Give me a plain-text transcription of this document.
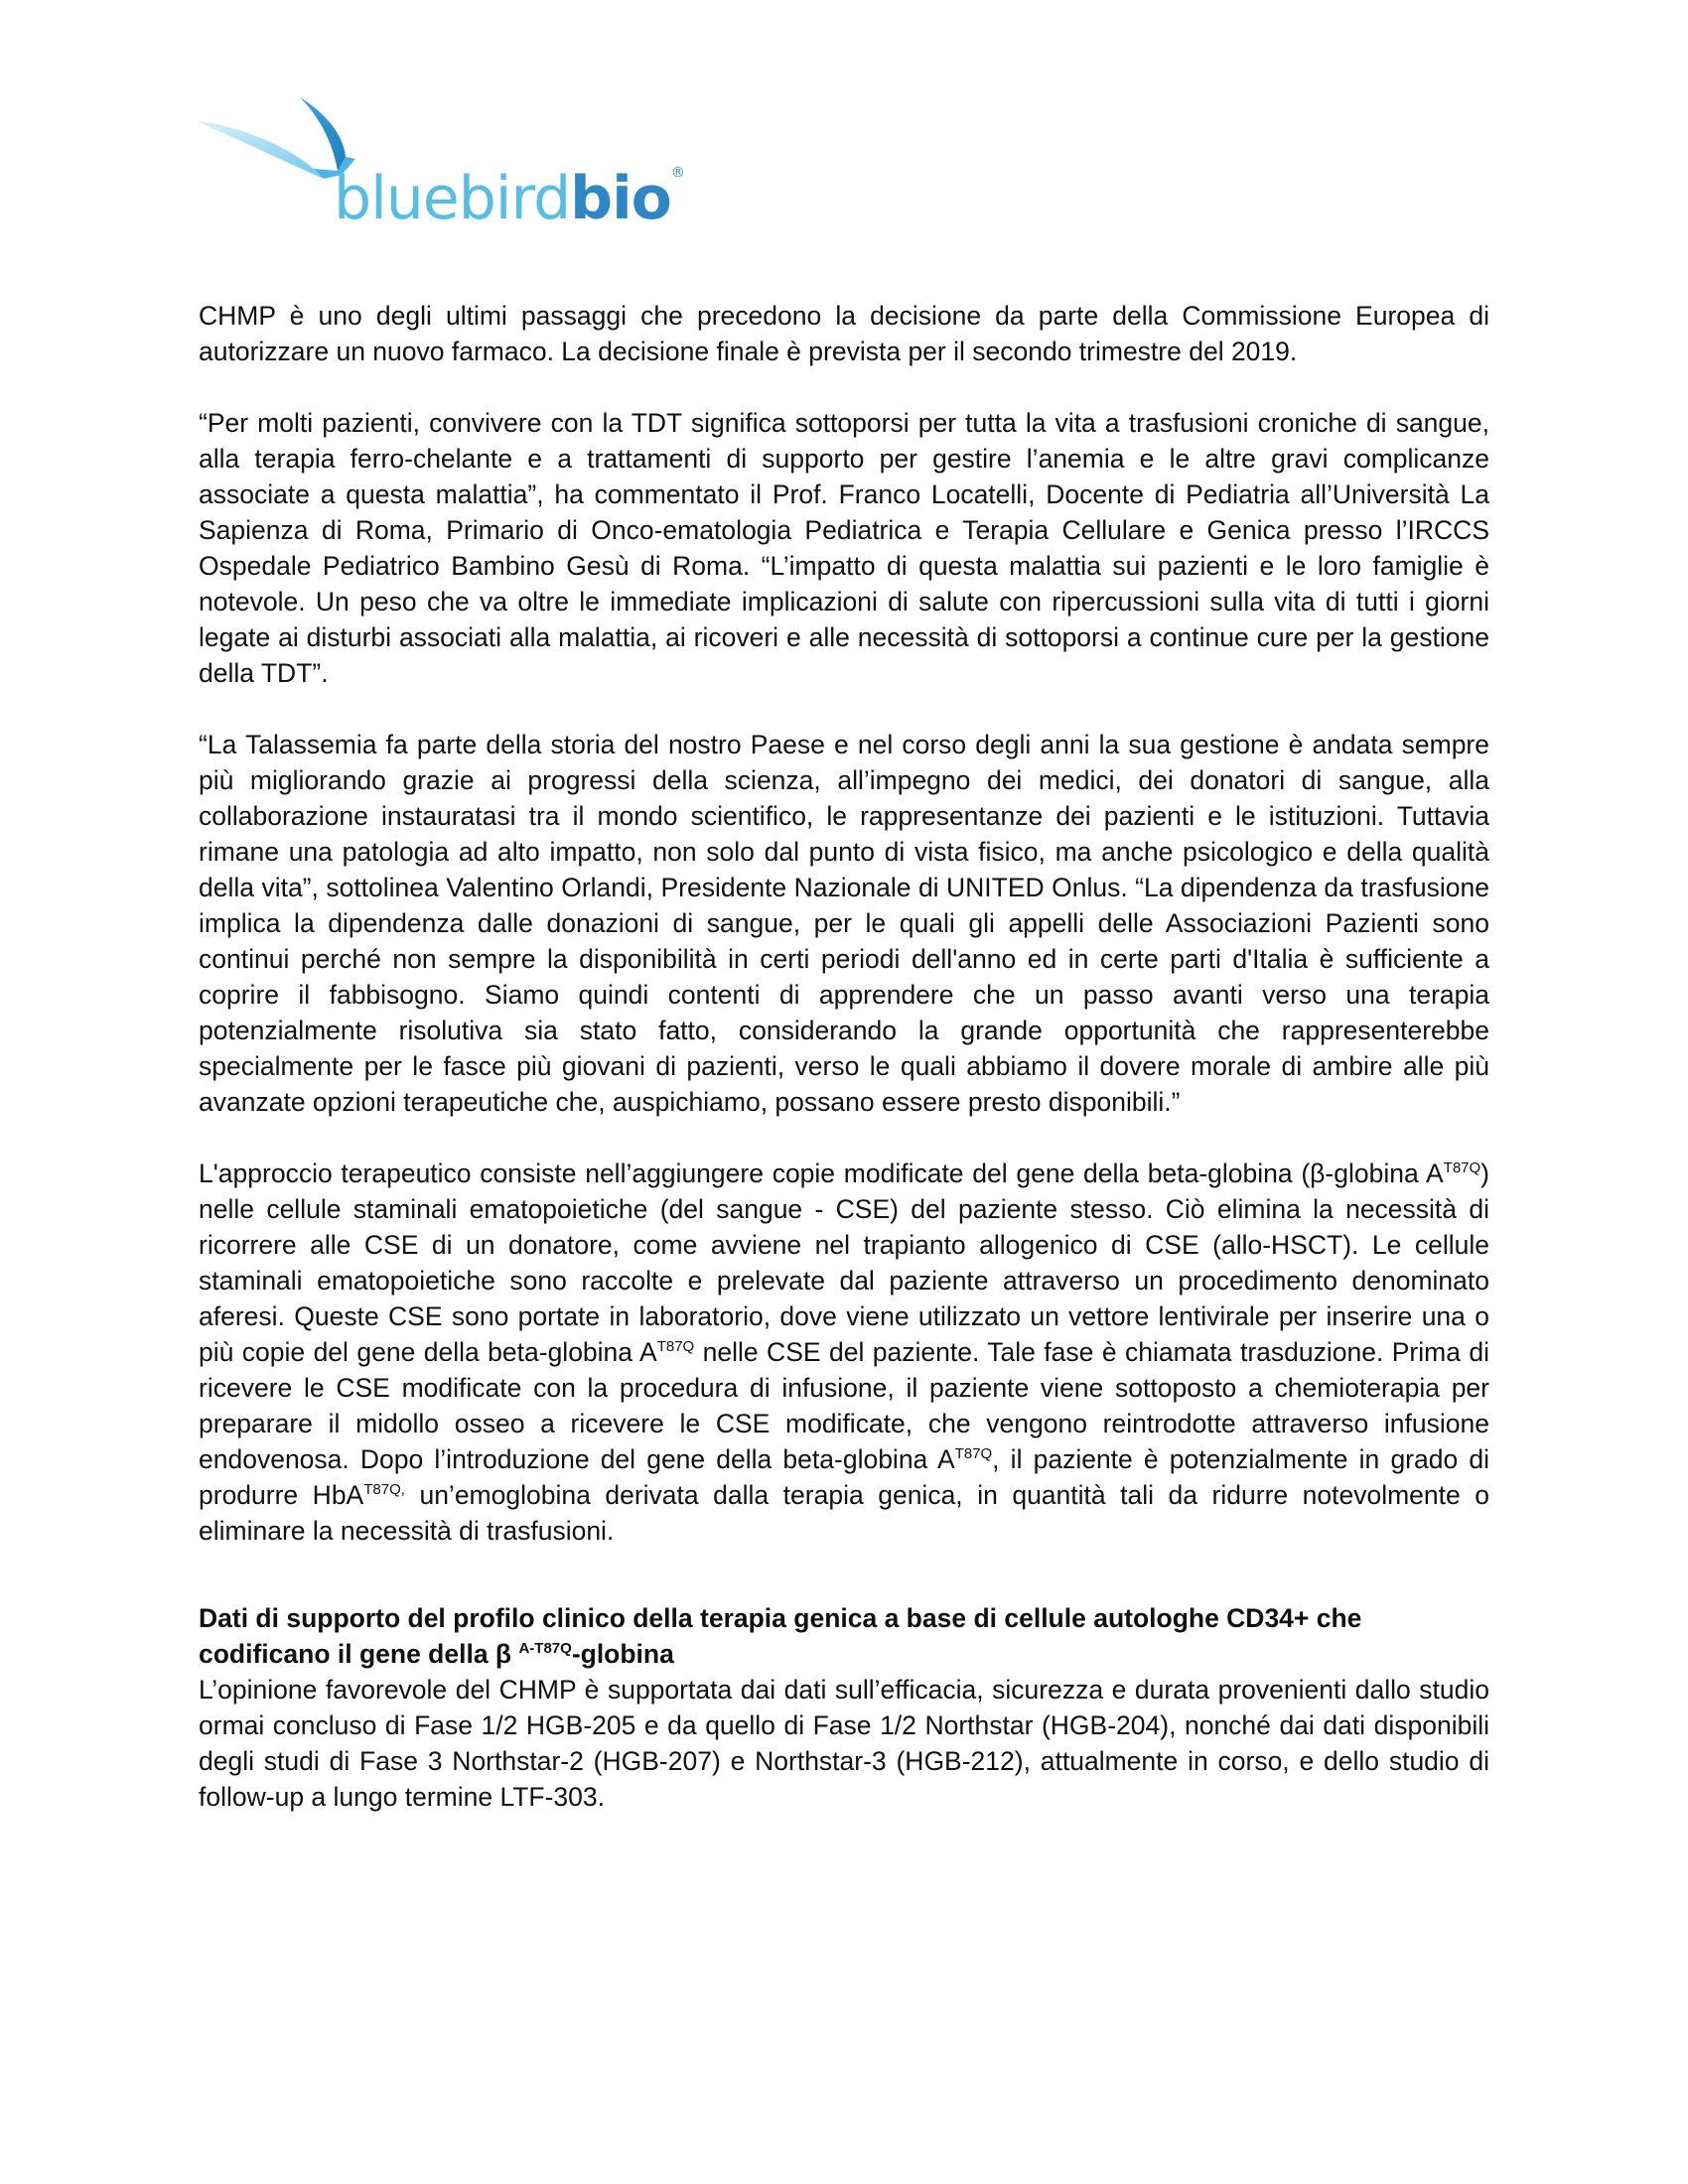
bluebirdbio®

CHMP è uno degli ultimi passaggi che precedono la decisione da parte della Commissione Europea di autorizzare un nuovo farmaco. La decisione finale è prevista per il secondo trimestre del 2019.

“Per molti pazienti, convivere con la TDT significa sottoporsi per tutta la vita a trasfusioni croniche di sangue, alla terapia ferro-chelante e a trattamenti di supporto per gestire l’anemia e le altre gravi complicanze associate a questa malattia”, ha commentato il Prof. Franco Locatelli, Docente di Pediatria all’Università La Sapienza di Roma, Primario di Onco-ematologia Pediatrica e Terapia Cellulare e Genica presso l’IRCCS Ospedale Pediatrico Bambino Gesù di Roma. “L’impatto di questa malattia sui pazienti e le loro famiglie è notevole. Un peso che va oltre le immediate implicazioni di salute con ripercussioni sulla vita di tutti i giorni legate ai disturbi associati alla malattia, ai ricoveri e alle necessità di sottoporsi a continue cure per la gestione della TDT”.

“La Talassemia fa parte della storia del nostro Paese e nel corso degli anni la sua gestione è andata sempre più migliorando grazie ai progressi della scienza, all’impegno dei medici, dei donatori di sangue, alla collaborazione instauratasi tra il mondo scientifico, le rappresentanze dei pazienti e le istituzioni. Tuttavia rimane una patologia ad alto impatto, non solo dal punto di vista fisico, ma anche psicologico e della qualità della vita”, sottolinea Valentino Orlandi, Presidente Nazionale di UNITED Onlus. “La dipendenza da trasfusione implica la dipendenza dalle donazioni di sangue, per le quali gli appelli delle Associazioni Pazienti sono continui perché non sempre la disponibilità in certi periodi dell'anno ed in certe parti d'Italia è sufficiente a coprire il fabbisogno. Siamo quindi contenti di apprendere che un passo avanti verso una terapia potenzialmente risolutiva sia stato fatto, considerando la grande opportunità che rappresenterebbe specialmente per le fasce più giovani di pazienti, verso le quali abbiamo il dovere morale di ambire alle più avanzate opzioni terapeutiche che, auspichiamo, possano essere presto disponibili.”

L'approccio terapeutico consiste nell’aggiungere copie modificate del gene della beta-globina (β-globina $A^{T87Q}$) nelle cellule staminali ematopoietiche (del sangue - CSE) del paziente stesso. Ciò elimina la necessità di ricorrere alle CSE di un donatore, come avviene nel trapianto allogenico di CSE (allo-HSCT). Le cellule staminali ematopoietiche sono raccolte e prelevate dal paziente attraverso un procedimento denominato aferesi. Queste CSE sono portate in laboratorio, dove viene utilizzato un vettore lentivirale per inserire una o più copie del gene della beta-globina $A^{T87Q}$ nelle CSE del paziente. Tale fase è chiamata trasduzione. Prima di ricevere le CSE modificate con la procedura di infusione, il paziente viene sottoposto a chemioterapia per preparare il midollo osseo a ricevere le CSE modificate, che vengono reintrodotte attraverso infusione endovenosa. Dopo l’introduzione del gene della beta-globina $A^{T87Q}$, il paziente è potenzialmente in grado di produrre HbA$^{T87Q,}$ un’emoglobina derivata dalla terapia genica, in quantità tali da ridurre notevolmente o eliminare la necessità di trasfusioni.

Dati di supporto del profilo clinico della terapia genica a base di cellule autologhe CD34+ che codificano il gene della β $^{A-T87Q}$-globina

L’opinione favorevole del CHMP è supportata dai dati sull’efficacia, sicurezza e durata provenienti dallo studio ormai concluso di Fase 1/2 HGB-205 e da quello di Fase 1/2 Northstar (HGB-204), nonché dai dati disponibili degli studi di Fase 3 Northstar-2 (HGB-207) e Northstar-3 (HGB-212), attualmente in corso, e dello studio di follow-up a lungo termine LTF-303.
